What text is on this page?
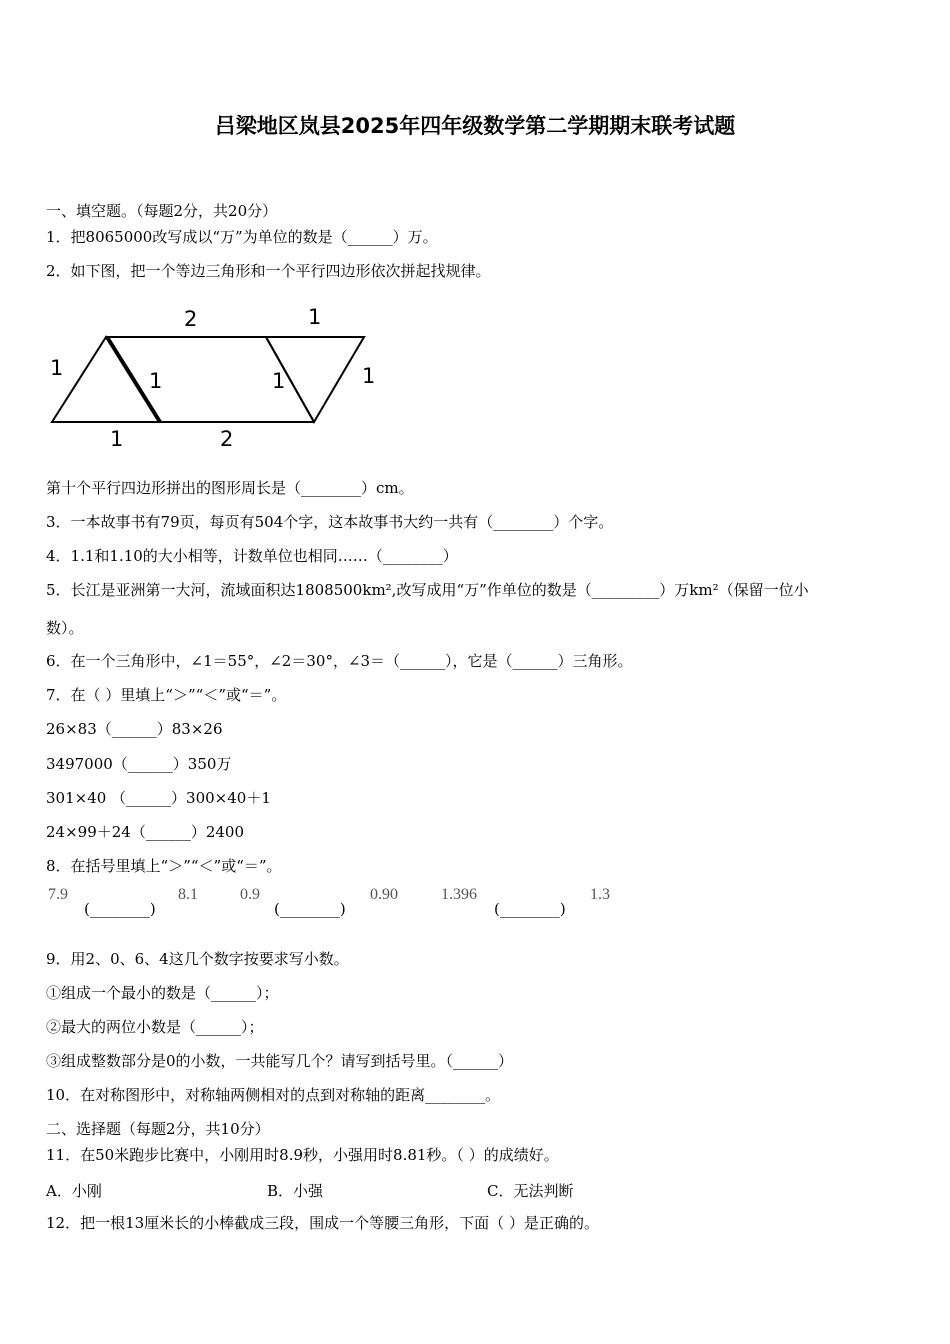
吕梁地区岚县2025年四年级数学第二学期期末联考试题
一、填空题。（每题2分，共20分）
1．把8065000改写成以“万”为单位的数是（______）万。
2．如下图，把一个等边三角形和一个平行四边形依次拼起找规律。
1
2	1
1	1	1
1	2
第十个平行四边形拼出的图形周长是（________）cm。
3．一本故事书有79页，每页有504个字，这本故事书大约一共有（________）个字。
4．1.1和1.10的大小相等，计数单位也相同……（________）
5．长江是亚洲第一大河，流域面积达1808500km²,改写成用“万”作单位的数是（_________）万km²（保留一位小
数）。
6．在一个三角形中，∠1＝55°，∠2＝30°，∠3＝（______），它是（______）三角形。
7．在（ ）里填上“＞”“＜”或“＝”。
26×83（______）83×26
3497000（______）350万
301×40 （______）300×40＋1
24×99＋24（______）2400
8．在括号里填上“＞”“＜”或“＝”。
7.9
(________)
8.1	0.9
(________)
0.90	1.396
(________)
1.3
9．用2、0、6、4这几个数字按要求写小数。
①组成一个最小的数是（______）；
②最大的两位小数是（______）；
③组成整数部分是0的小数，一共能写几个？请写到括号里。（______）
10．在对称图形中，对称轴两侧相对的点到对称轴的距离________。
二、选择题（每题2分，共10分）
11．在50米跑步比赛中，小刚用时8.9秒，小强用时8.81秒。（ ）的成绩好。
A．小刚	B．小强	C．无法判断
12．把一根13厘米长的小棒截成三段，围成一个等腰三角形，下面（ ）是正确的。
